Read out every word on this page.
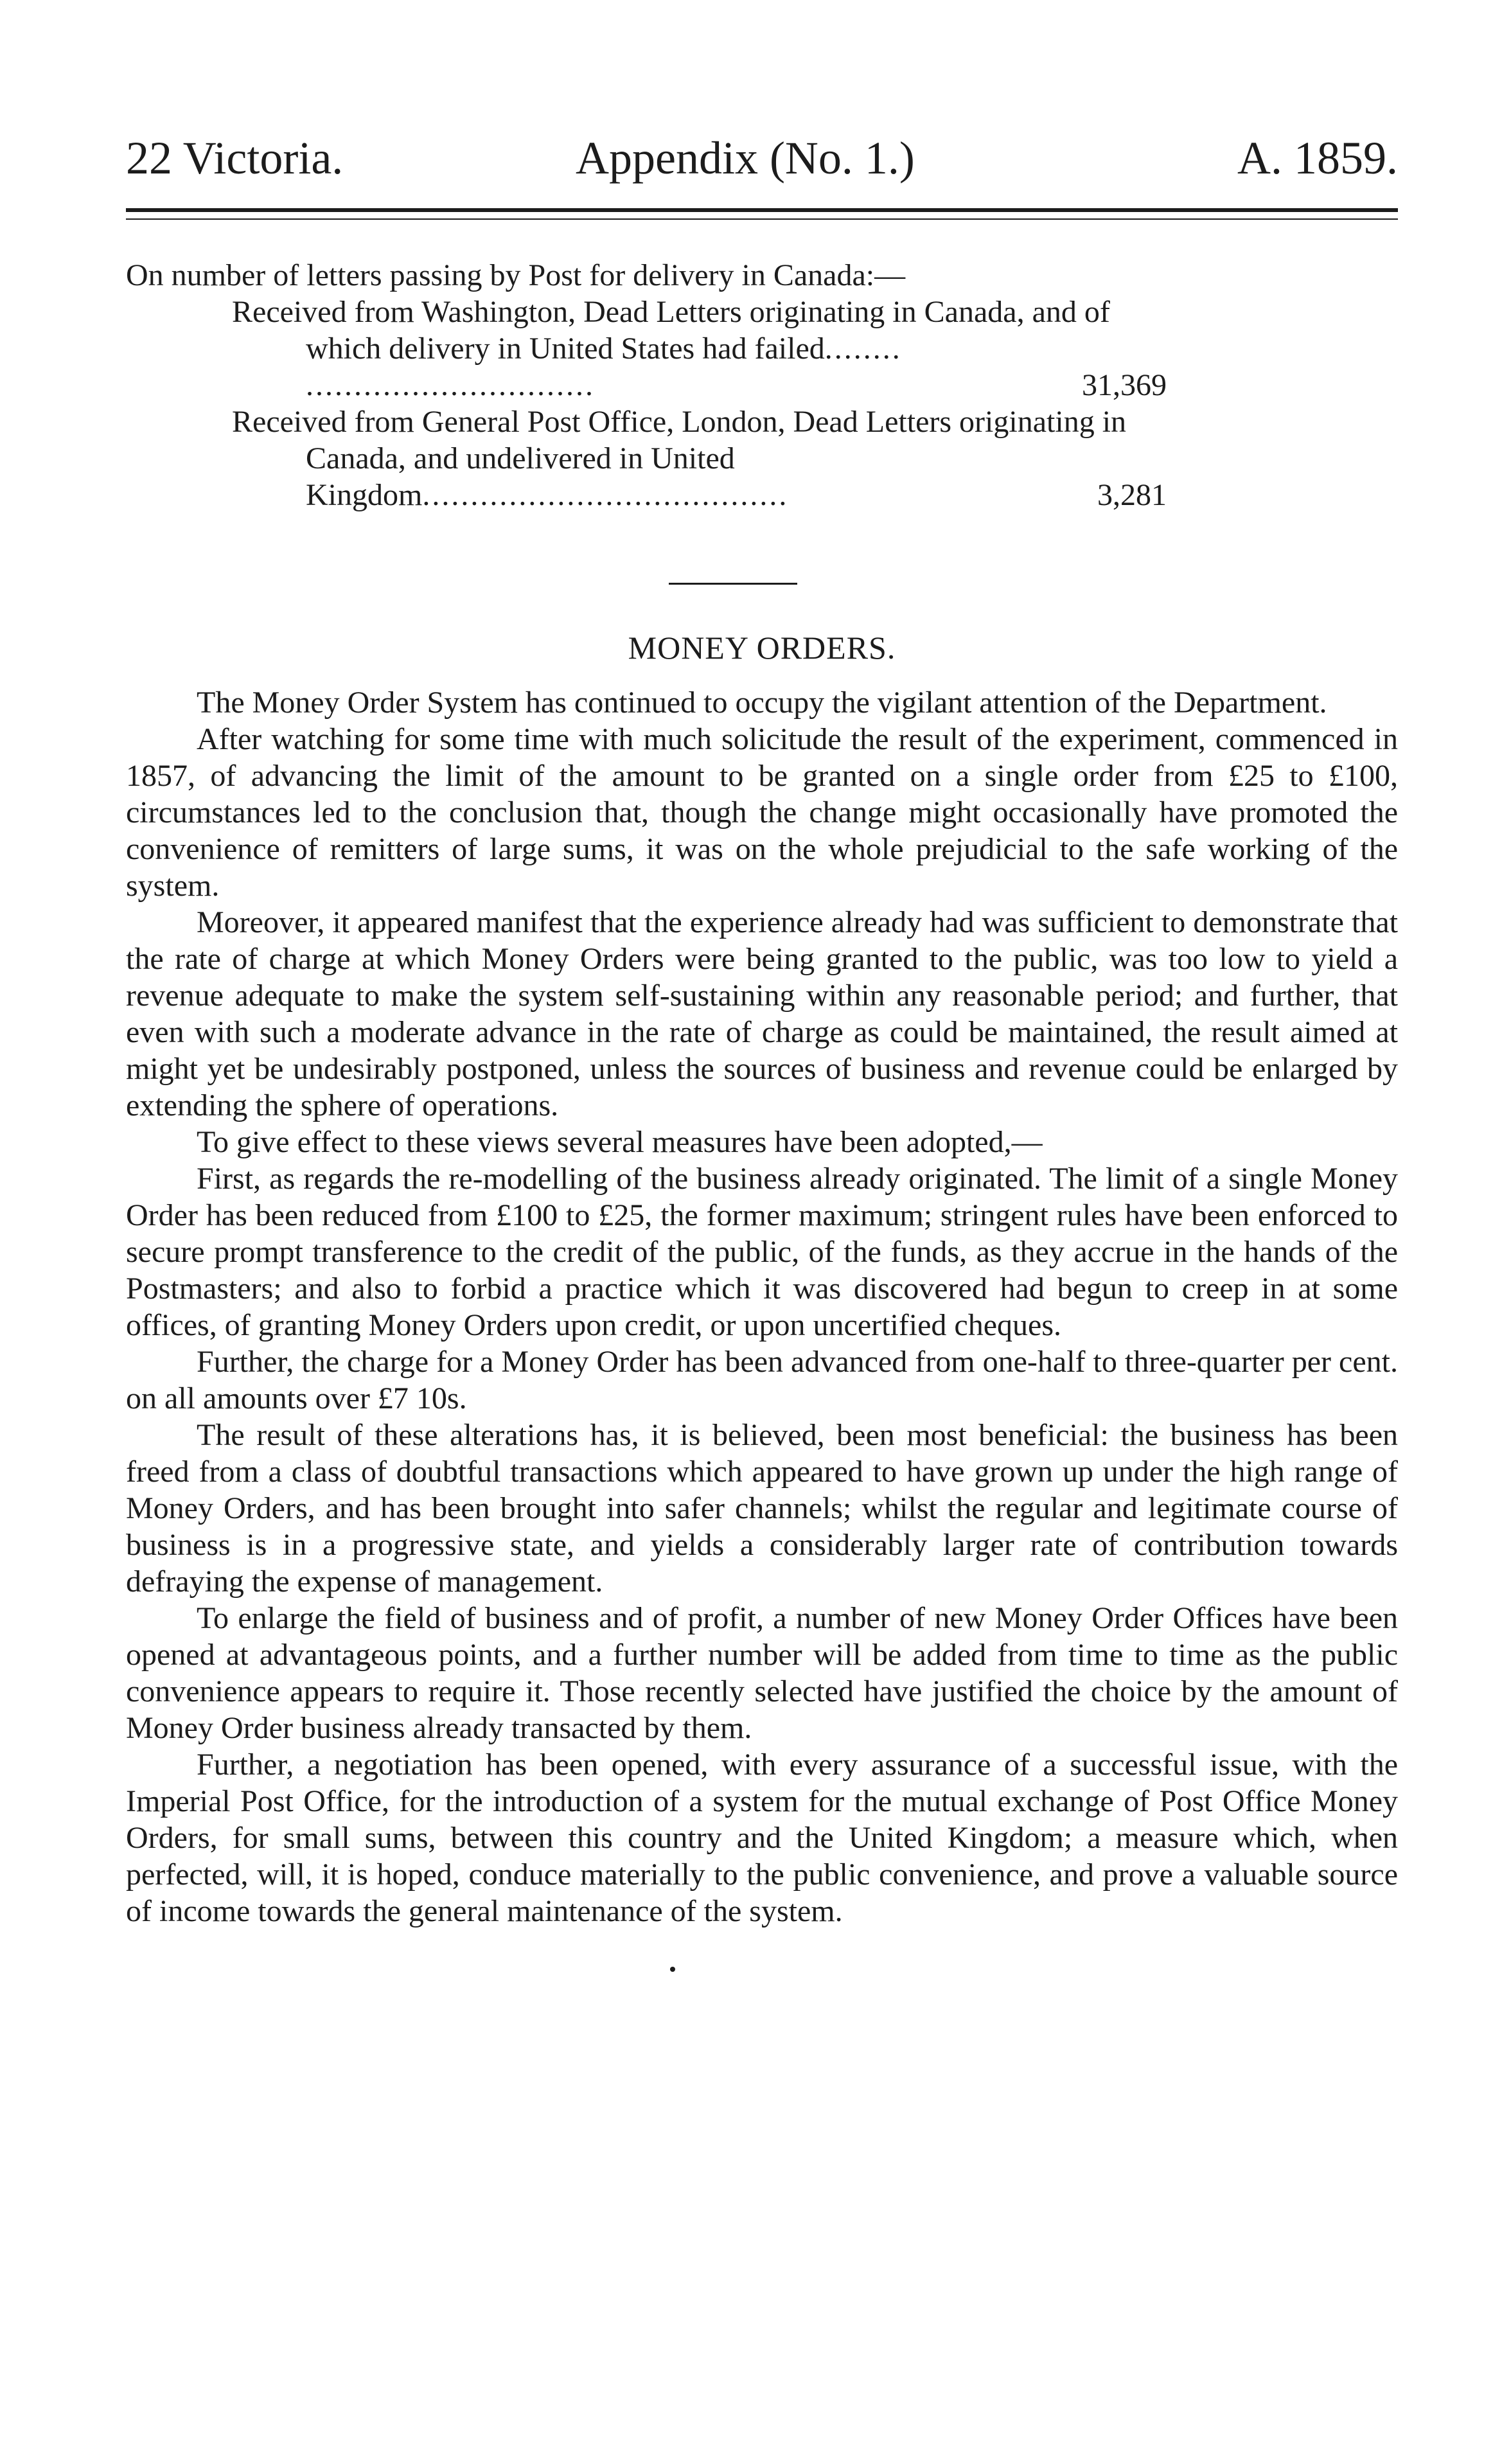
22 Victoria.	Appendix (No. 1.)	A. 1859.

On number of letters passing by Post for delivery in Canada:—

Received from Washington, Dead Letters originating in Canada, and of which delivery in United States had failed........ ..............................	31,369

Received from General Post Office, London, Dead Letters originating in Canada, and undelivered in United Kingdom......................................	3,281
MONEY ORDERS.

The Money Order System has continued to occupy the vigilant attention of the Department.

After watching for some time with much solicitude the result of the experiment, commenced in 1857, of advancing the limit of the amount to be granted on a single order from £25 to £100, circumstances led to the conclusion that, though the change might occasionally have promoted the convenience of remitters of large sums, it was on the whole prejudicial to the safe working of the system.

Moreover, it appeared manifest that the experience already had was sufficient to demonstrate that the rate of charge at which Money Orders were being granted to the public, was too low to yield a revenue adequate to make the system self-sustaining within any reasonable period; and further, that even with such a moderate advance in the rate of charge as could be maintained, the result aimed at might yet be undesirably postponed, unless the sources of business and revenue could be enlarged by extending the sphere of operations.

To give effect to these views several measures have been adopted,—

First, as regards the re-modelling of the business already originated. The limit of a single Money Order has been reduced from £100 to £25, the former maximum; stringent rules have been enforced to secure prompt transference to the credit of the public, of the funds, as they accrue in the hands of the Postmasters; and also to forbid a practice which it was discovered had begun to creep in at some offices, of granting Money Orders upon credit, or upon uncertified cheques.

Further, the charge for a Money Order has been advanced from one-half to three-quarter per cent. on all amounts over £7 10s.

The result of these alterations has, it is believed, been most beneficial: the business has been freed from a class of doubtful transactions which appeared to have grown up under the high range of Money Orders, and has been brought into safer channels; whilst the regular and legitimate course of business is in a progressive state, and yields a considerably larger rate of contribution towards defraying the expense of management.

To enlarge the field of business and of profit, a number of new Money Order Offices have been opened at advantageous points, and a further number will be added from time to time as the public convenience appears to require it. Those recently selected have justified the choice by the amount of Money Order business already transacted by them.

Further, a negotiation has been opened, with every assurance of a successful issue, with the Imperial Post Office, for the introduction of a system for the mutual exchange of Post Office Money Orders, for small sums, between this country and the United Kingdom; a measure which, when perfected, will, it is hoped, conduce materially to the public convenience, and prove a valuable source of income towards the general maintenance of the system.
